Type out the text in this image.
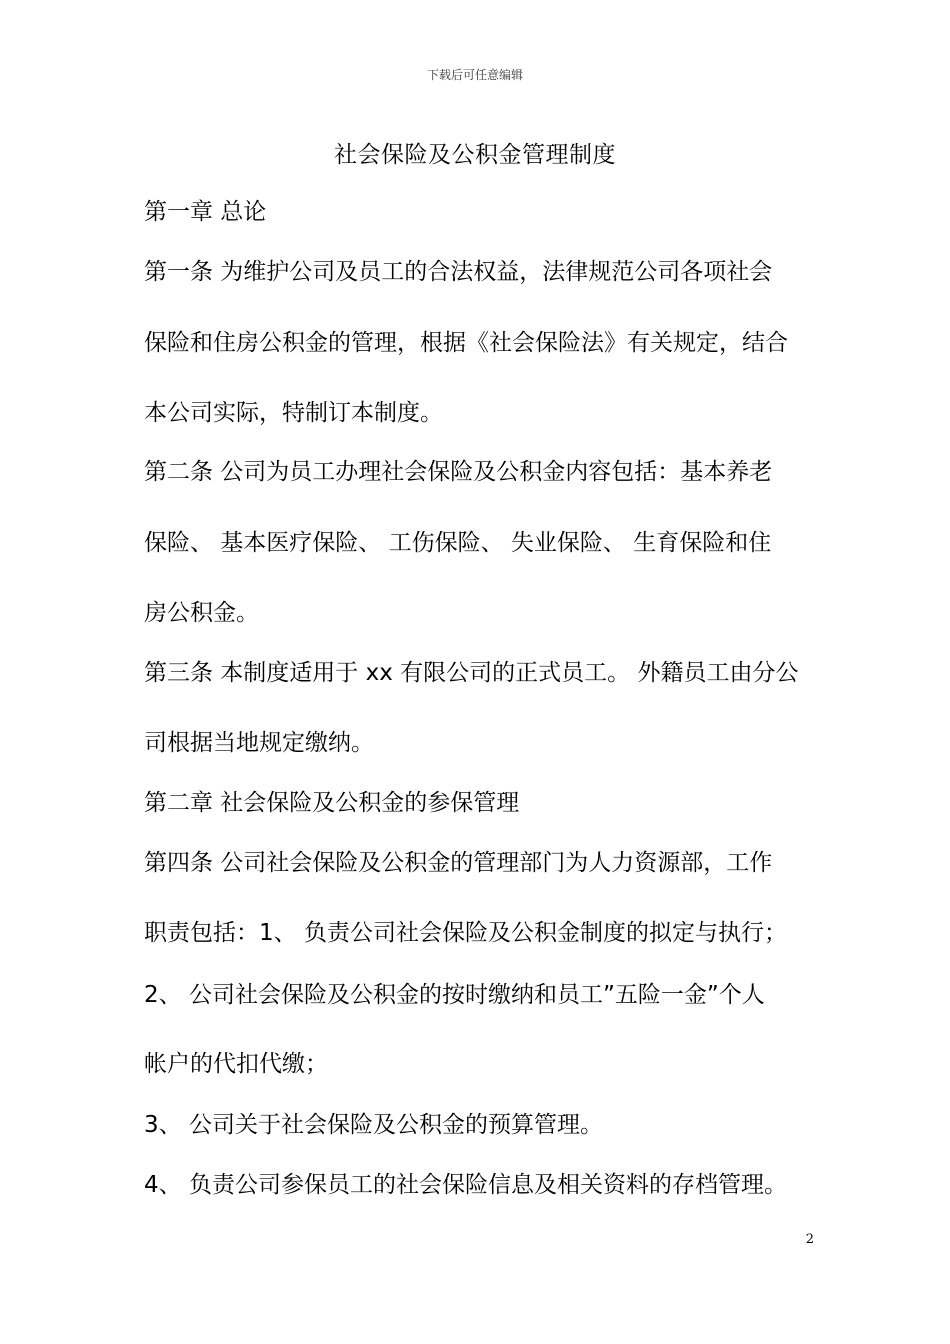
下载后可任意编辑
社会保险及公积金管理制度
第一章 总论
第一条 为维护公司及员工的合法权益，法律规范公司各项社会
保险和住房公积金的管理，根据《社会保险法》有关规定，结合
本公司实际，特制订本制度。
第二条 公司为员工办理社会保险及公积金内容包括：基本养老
保险、 基本医疗保险、 工伤保险、 失业保险、 生育保险和住
房公积金。
第三条 本制度适用于 xx 有限公司的正式员工。 外籍员工由分公
司根据当地规定缴纳。
第二章 社会保险及公积金的参保管理
第四条 公司社会保险及公积金的管理部门为人力资源部，工作
职责包括：1、 负责公司社会保险及公积金制度的拟定与执行；
2、 公司社会保险及公积金的按时缴纳和员工”五险一金”个人
帐户的代扣代缴；
3、 公司关于社会保险及公积金的预算管理。
4、 负责公司参保员工的社会保险信息及相关资料的存档管理。
2
